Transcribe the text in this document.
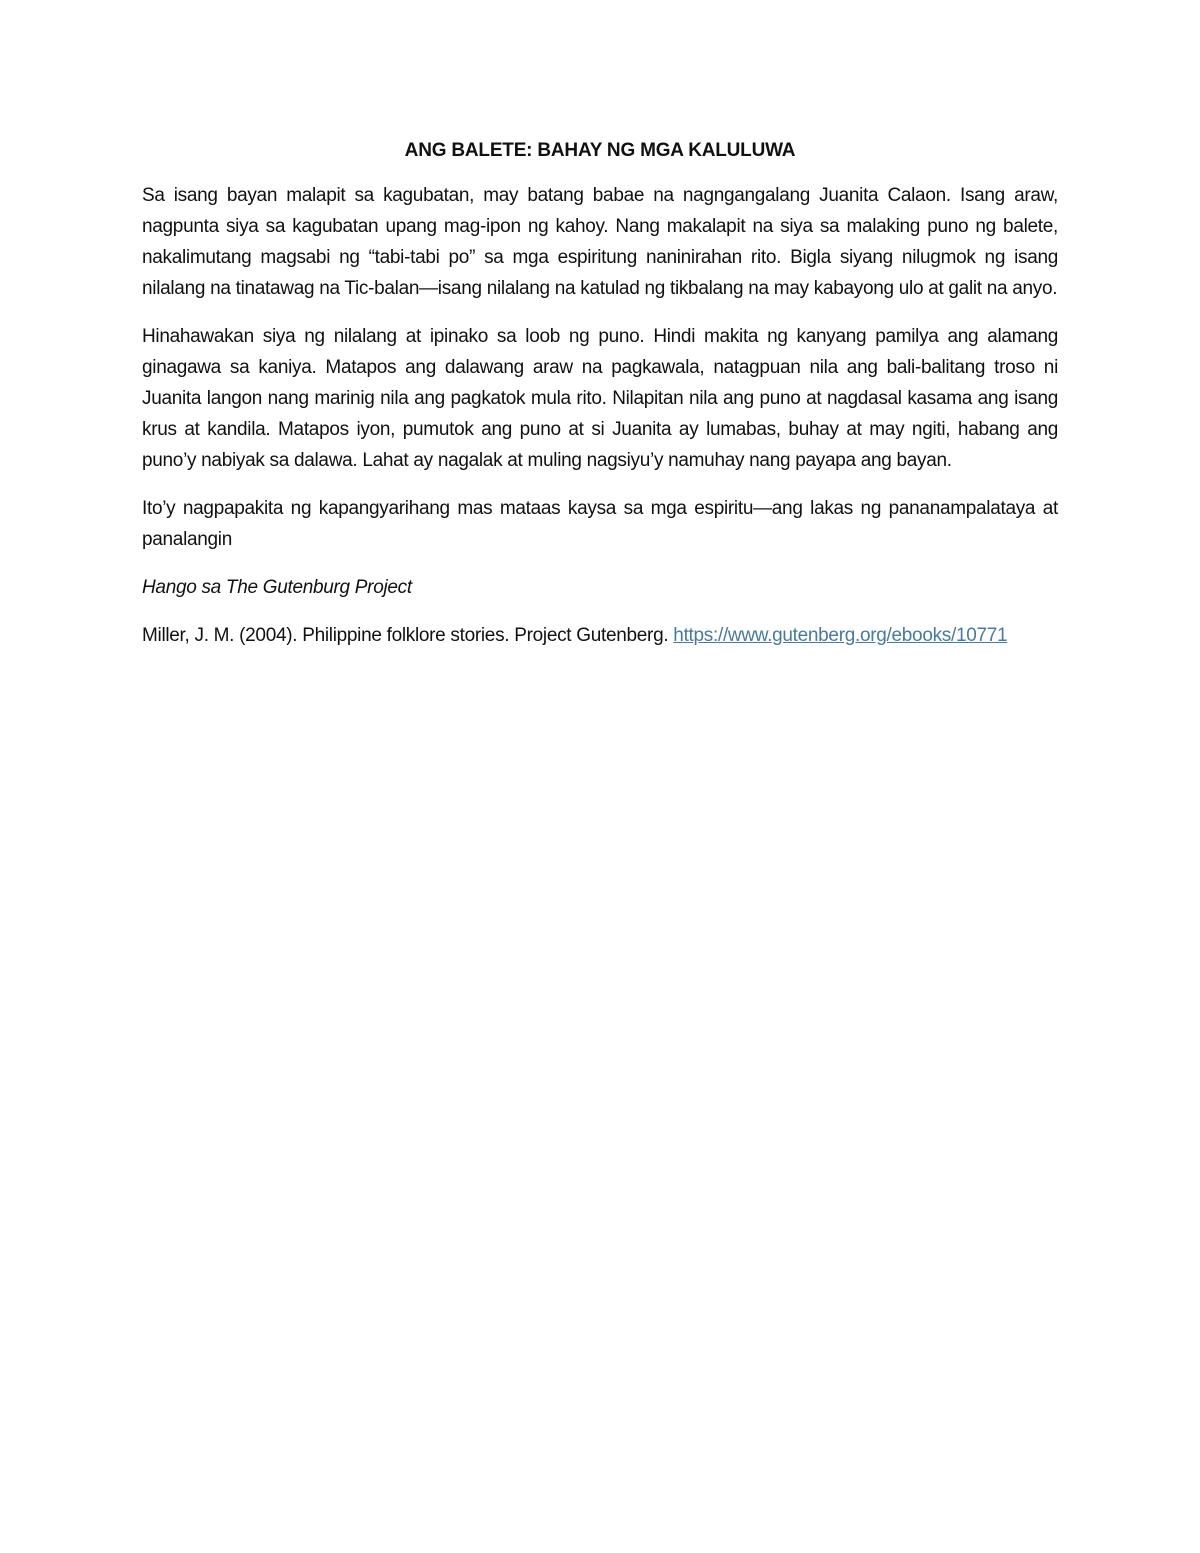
ANG BALETE: BAHAY NG MGA KALULUWA

Sa isang bayan malapit sa kagubatan, may batang babae na nagngangalang Juanita Calaon. Isang araw, nagpunta siya sa kagubatan upang mag-ipon ng kahoy. Nang makalapit na siya sa malaking puno ng balete, nakalimutang magsabi ng “tabi-tabi po” sa mga espiritung naninirahan rito. Bigla siyang nilugmok ng isang nilalang na tinatawag na Tic-balan—isang nilalang na katulad ng tikbalang na may kabayong ulo at galit na anyo.

Hinahawakan siya ng nilalang at ipinako sa loob ng puno. Hindi makita ng kanyang pamilya ang alamang ginagawa sa kaniya. Matapos ang dalawang araw na pagkawala, natagpuan nila ang bali-balitang troso ni Juanita langon nang marinig nila ang pagkatok mula rito. Nilapitan nila ang puno at nagdasal kasama ang isang krus at kandila. Matapos iyon, pumutok ang puno at si Juanita ay lumabas, buhay at may ngiti, habang ang puno’y nabiyak sa dalawa. Lahat ay nagalak at muling nagsiyu’y namuhay nang payapa ang bayan.

Ito’y nagpapakita ng kapangyarihang mas mataas kaysa sa mga espiritu—ang lakas ng pananampalataya at panalangin

Hango sa The Gutenburg Project

Miller, J. M. (2004). Philippine folklore stories. Project Gutenberg. https://www.gutenberg.org/ebooks/10771
